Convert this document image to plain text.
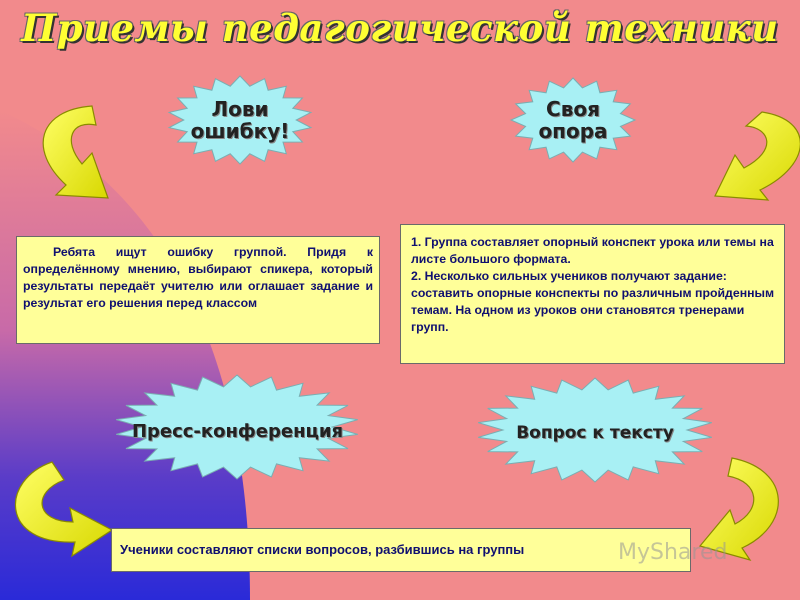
Приемы педагогической техники
Лови ошибку!
Своя опора
Пресс-конференция	Вопрос к тексту

Ребята ищут ошибку группой. Придя к определённому мнению, выбирают спикера, который результаты передаёт учителю или оглашает задание и результат его решения перед классом

1. Группа составляет опорный конспект урока или темы на листе большого формата.

2. Несколько сильных учеников получают задание: составить опорные конспекты по различным пройденным темам. На одном из уроков они становятся тренерами групп.

Ученики составляют списки вопросов, разбившись на группы	MyShared
